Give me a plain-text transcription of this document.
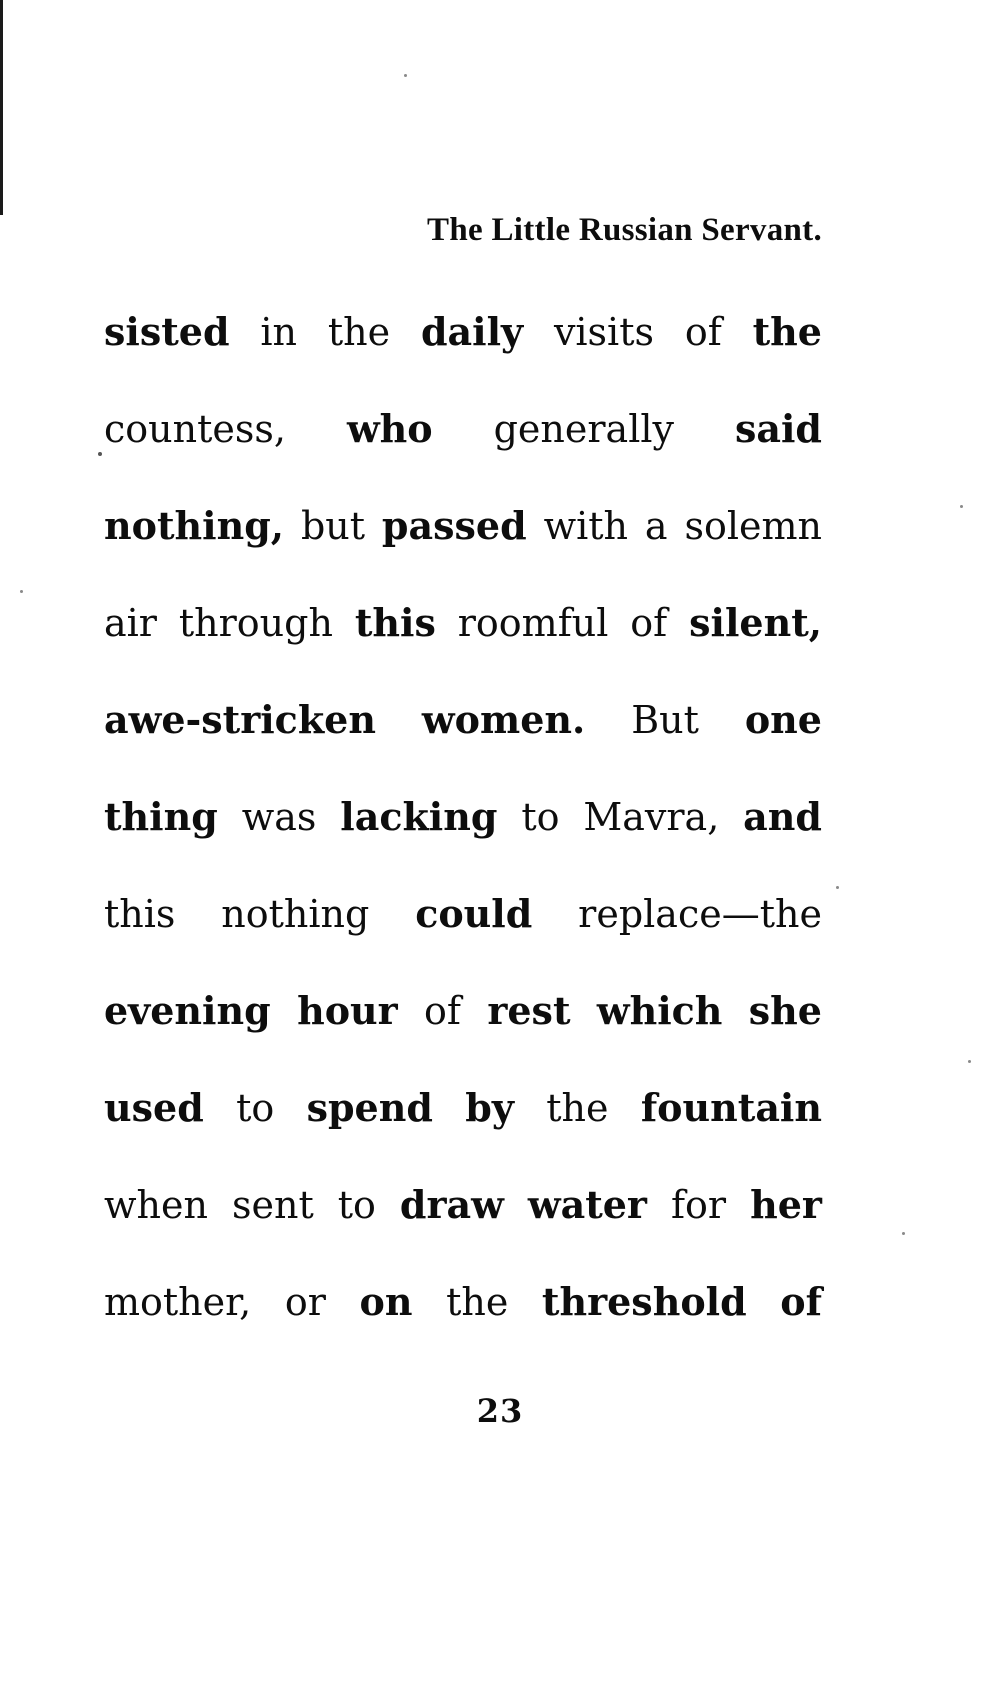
The Little Russian Servant.
sisted in the daily visits of the
countess, who generally said
nothing, but passed with a solemn
air through this roomful of silent,
awe-stricken women. But one
thing was lacking to Mavra, and
this nothing could replace—the
evening hour of rest which she
used to spend by the fountain
when sent to draw water for her
mother, or on the threshold of
23
